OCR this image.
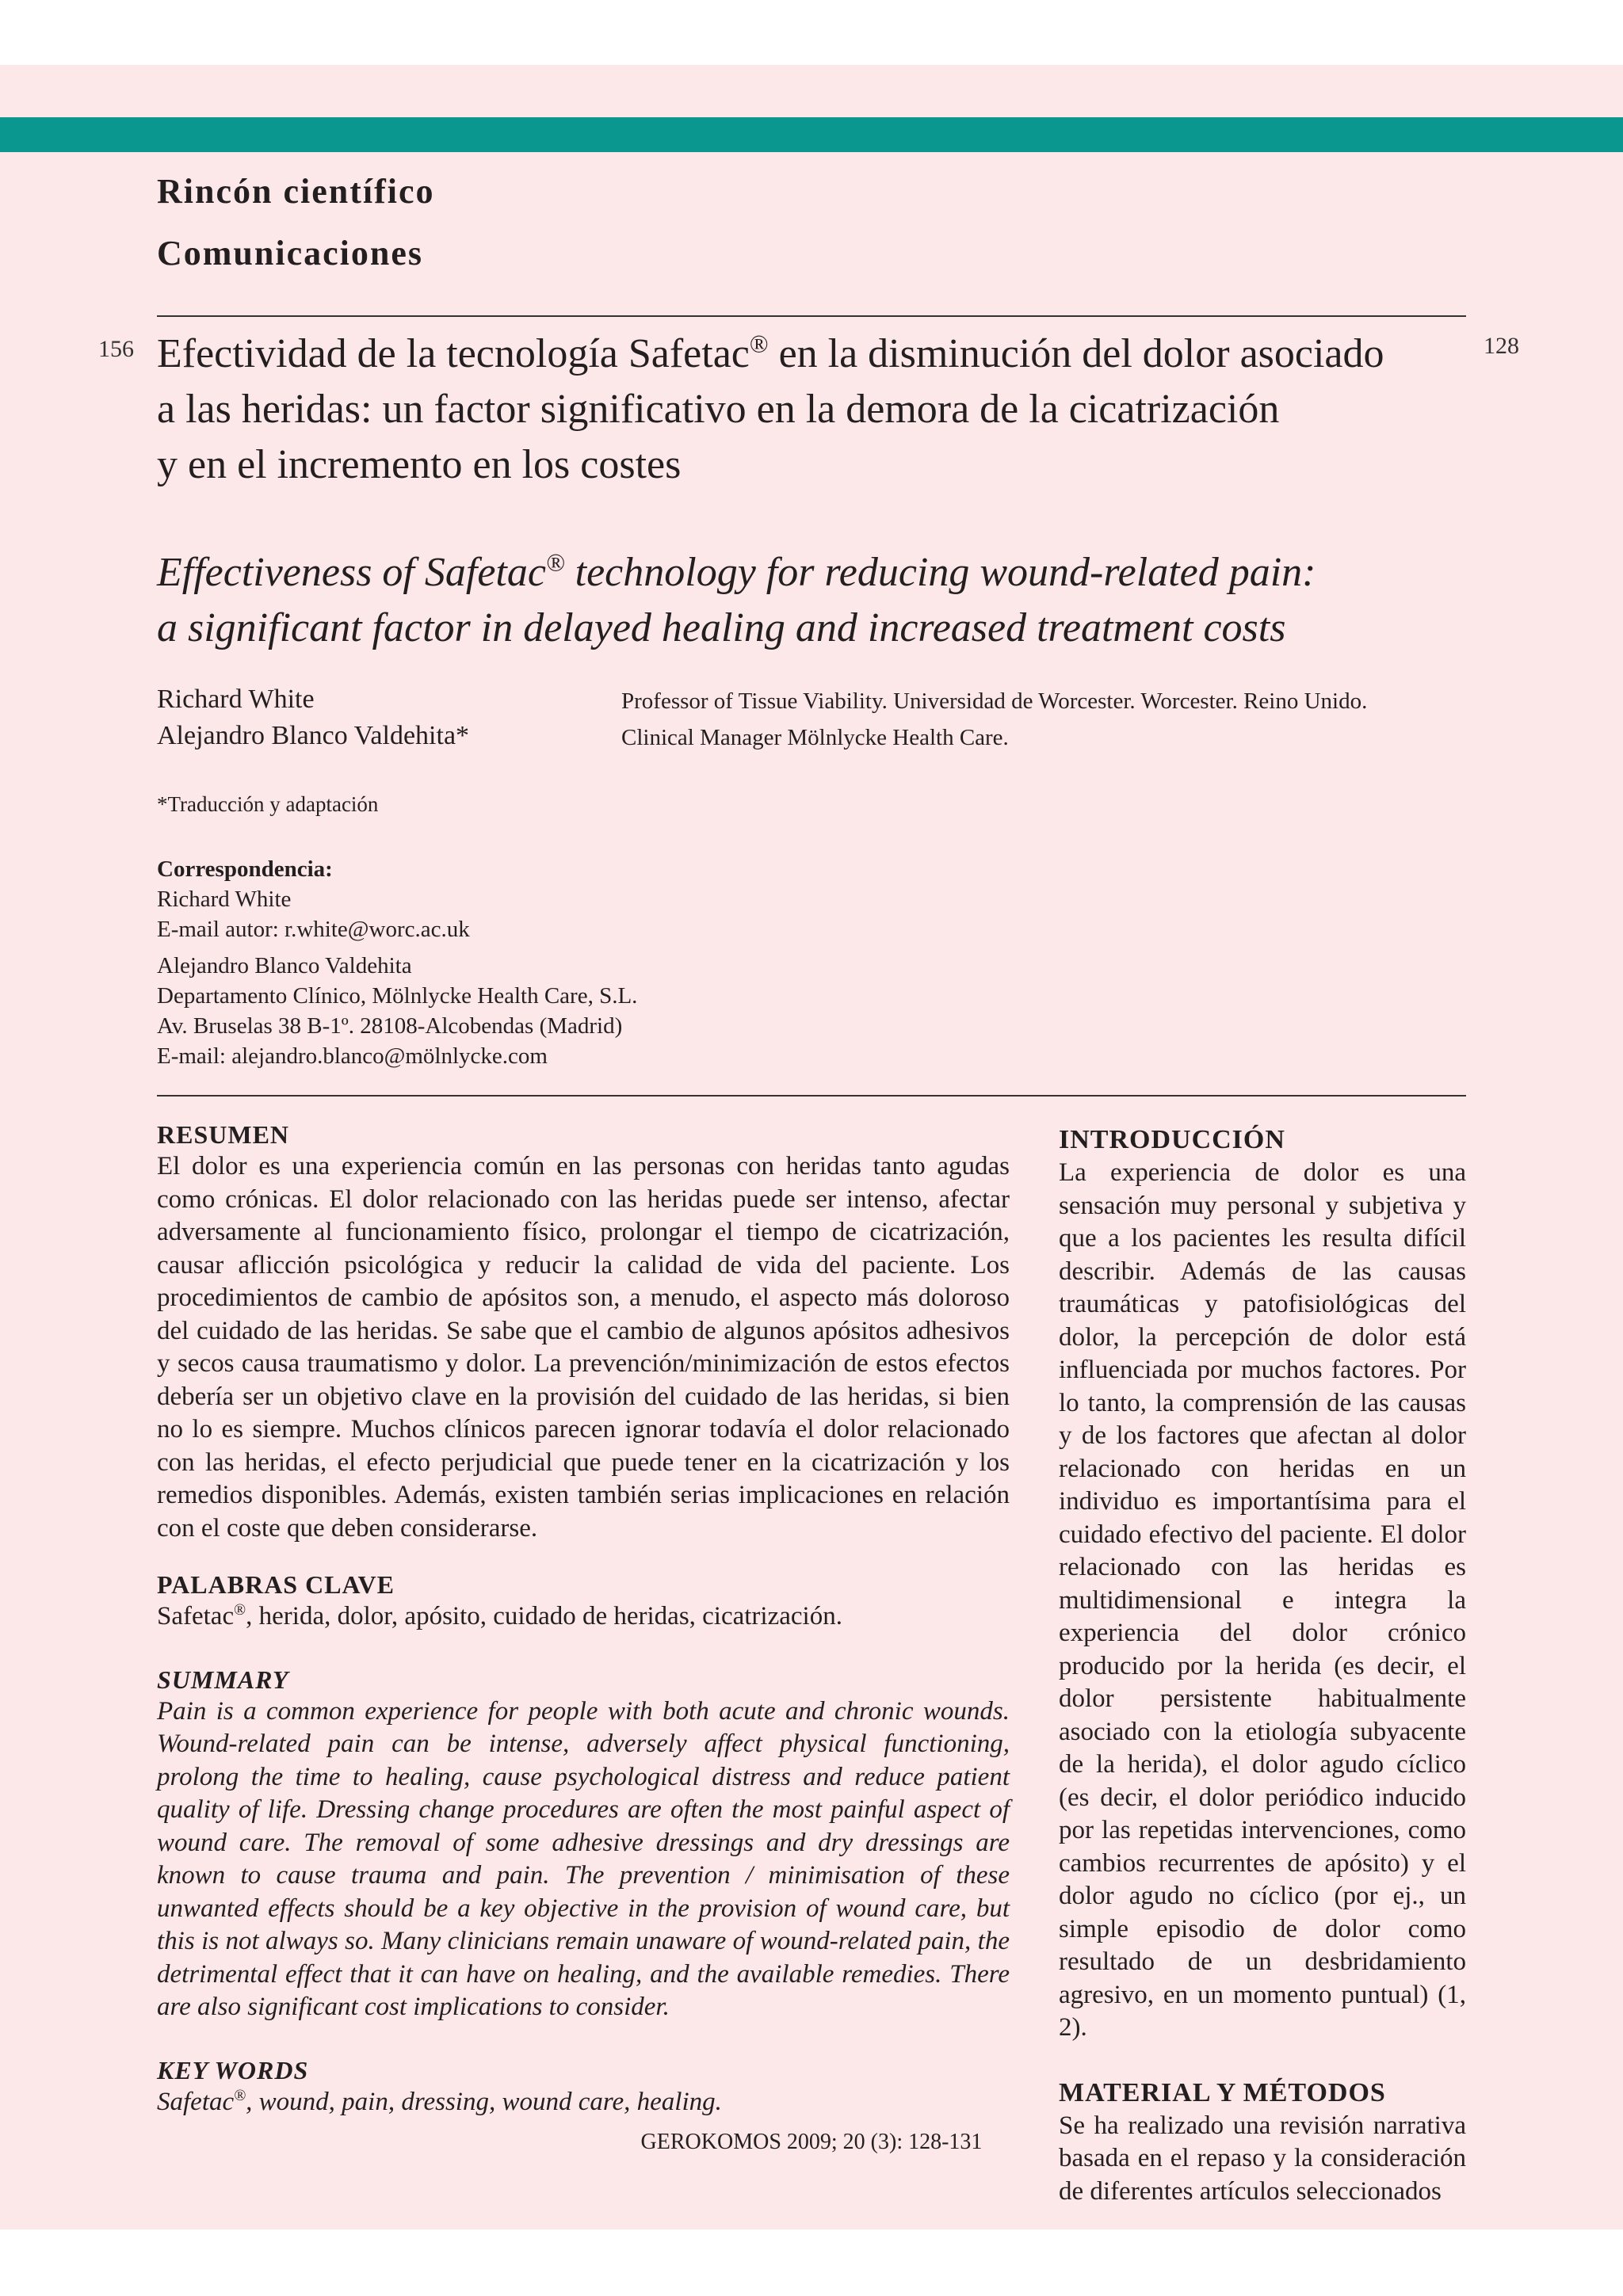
Rincón científico
Comunicaciones
156	128
Efectividad de la tecnología Safetac® en la disminución del dolor asociado
a las heridas: un factor significativo en la demora de la cicatrización
y en el incremento en los costes
Effectiveness of Safetac® technology for reducing wound-related pain:
a significant factor in delayed healing and increased treatment costs
Richard White	Professor of Tissue Viability. Universidad de Worcester. Worcester. Reino Unido.
Alejandro Blanco Valdehita*	Clinical Manager Mölnlycke Health Care.
*Traducción y adaptación
Correspondencia:
Richard White
E-mail autor: r.white@worc.ac.uk
Alejandro Blanco Valdehita
Departamento Clínico, Mölnlycke Health Care, S.L.
Av. Bruselas 38 B-1º. 28108-Alcobendas (Madrid)
E-mail: alejandro.blanco@mölnlycke.com
RESUMEN
El dolor es una experiencia común en las personas con heridas tanto agudas como crónicas. El dolor relacionado con las heridas puede ser intenso, afectar adversamente al funcionamiento físico, prolongar el tiempo de cicatrización, causar aflicción psicológica y reducir la calidad de vida del paciente. Los procedimientos de cambio de apósitos son, a menudo, el aspecto más doloroso del cuidado de las heridas. Se sabe que el cambio de algunos apósitos adhesivos y secos causa traumatismo y dolor. La prevención/minimización de estos efectos debería ser un objetivo clave en la provisión del cuidado de las heridas, si bien no lo es siempre. Muchos clínicos parecen ignorar todavía el dolor relacionado con las heridas, el efecto perjudicial que puede tener en la cicatrización y los remedios disponibles. Además, existen también serias implicaciones en relación con el coste que deben considerarse.
PALABRAS CLAVE
Safetac®, herida, dolor, apósito, cuidado de heridas, cicatrización.
SUMMARY
Pain is a common experience for people with both acute and chronic wounds. Wound-related pain can be intense, adversely affect physical functioning, prolong the time to healing, cause psychological distress and reduce patient quality of life. Dressing change procedures are often the most painful aspect of wound care. The removal of some adhesive dressings and dry dressings are known to cause trauma and pain. The prevention / minimisation of these unwanted effects should be a key objective in the provision of wound care, but this is not always so. Many clinicians remain unaware of wound-related pain, the detrimental effect that it can have on healing, and the available remedies. There are also significant cost implications to consider.
KEY WORDS
Safetac®, wound, pain, dressing, wound care, healing.
INTRODUCCIÓN
La experiencia de dolor es una sensación muy personal y subjetiva y que a los pacientes les resulta difícil describir. Además de las causas traumáticas y patofisiológicas del dolor, la percepción de dolor está influenciada por muchos factores. Por lo tanto, la comprensión de las causas y de los factores que afectan al dolor relacionado con heridas en un individuo es importantísima para el cuidado efectivo del paciente. El dolor relacionado con las heridas es multidimensional e integra la experiencia del dolor crónico producido por la herida (es decir, el dolor persistente habitualmente asociado con la etiología subyacente de la herida), el dolor agudo cíclico (es decir, el dolor periódico inducido por las repetidas intervenciones, como cambios recurrentes de apósito) y el dolor agudo no cíclico (por ej., un simple episodio de dolor como resultado de un desbridamiento agresivo, en un momento puntual) (1, 2).
MATERIAL Y MÉTODOS
Se ha realizado una revisión narrativa basada en el repaso y la consideración de diferentes artículos seleccionados
GEROKOMOS 2009; 20 (3): 128-131
